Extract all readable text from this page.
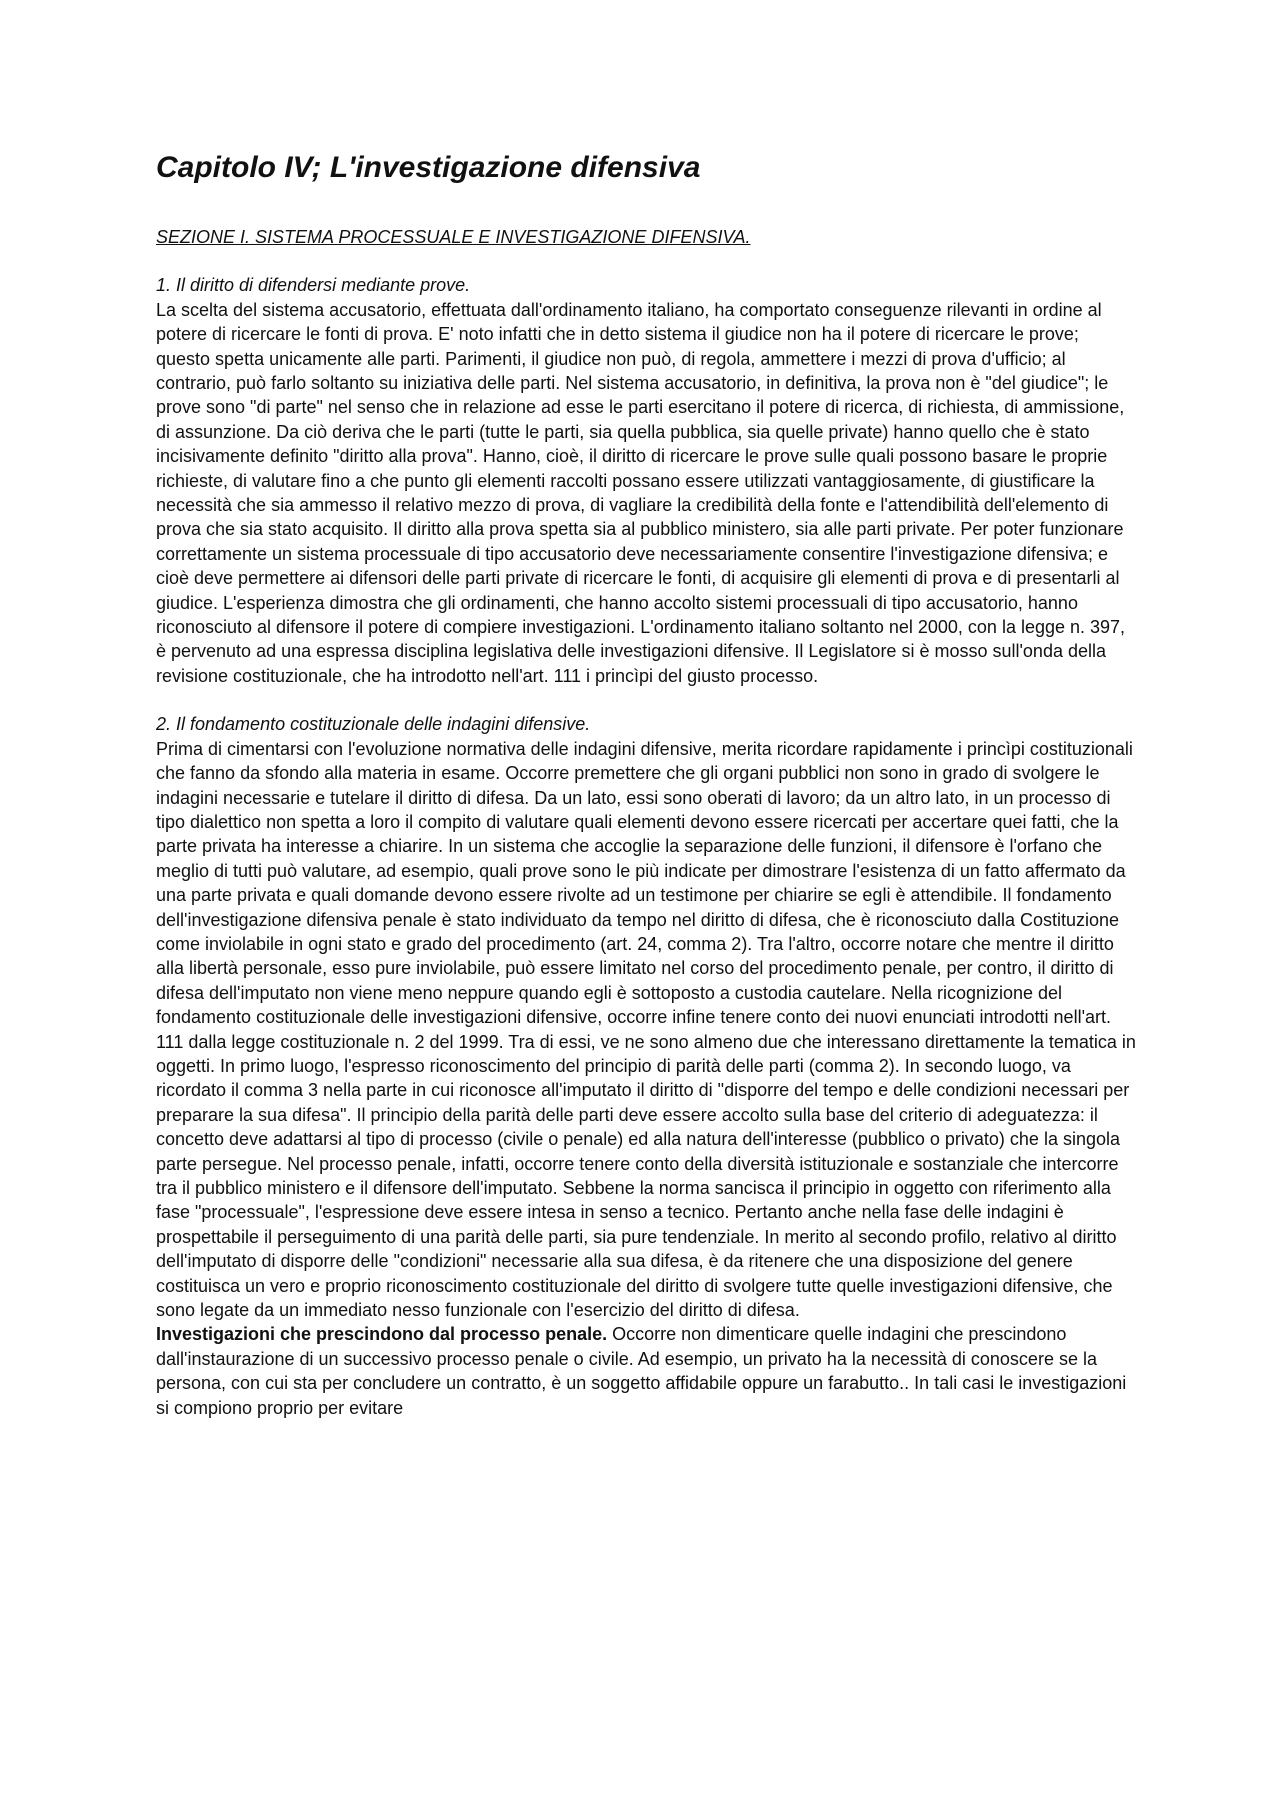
Capitolo IV; L'investigazione difensiva
SEZIONE I. SISTEMA PROCESSUALE E INVESTIGAZIONE DIFENSIVA.

1. Il diritto di difendersi mediante prove.

La scelta del sistema accusatorio, effettuata dall'ordinamento italiano, ha comportato conseguenze rilevanti in ordine al potere di ricercare le fonti di prova. E' noto infatti che in detto sistema il giudice non ha il potere di ricercare le prove; questo spetta unicamente alle parti. Parimenti, il giudice non può, di regola, ammettere i mezzi di prova d'ufficio; al contrario, può farlo soltanto su iniziativa delle parti. Nel sistema accusatorio, in definitiva, la prova non è "del giudice"; le prove sono "di parte" nel senso che in relazione ad esse le parti esercitano il potere di ricerca, di richiesta, di ammissione, di assunzione. Da ciò deriva che le parti (tutte le parti, sia quella pubblica, sia quelle private) hanno quello che è stato incisivamente definito "diritto alla prova". Hanno, cioè, il diritto di ricercare le prove sulle quali possono basare le proprie richieste, di valutare fino a che punto gli elementi raccolti possano essere utilizzati vantaggiosamente, di giustificare la necessità che sia ammesso il relativo mezzo di prova, di vagliare la credibilità della fonte e l'attendibilità dell'elemento di prova che sia stato acquisito. Il diritto alla prova spetta sia al pubblico ministero, sia alle parti private. Per poter funzionare correttamente un sistema processuale di tipo accusatorio deve necessariamente consentire l'investigazione difensiva; e cioè deve permettere ai difensori delle parti private di ricercare le fonti, di acquisire gli elementi di prova e di presentarli al giudice. L'esperienza dimostra che gli ordinamenti, che hanno accolto sistemi processuali di tipo accusatorio, hanno riconosciuto al difensore il potere di compiere investigazioni. L'ordinamento italiano soltanto nel 2000, con la legge n. 397, è pervenuto ad una espressa disciplina legislativa delle investigazioni difensive. Il Legislatore si è mosso sull'onda della revisione costituzionale, che ha introdotto nell'art. 111 i princìpi del giusto processo.

2. Il fondamento costituzionale delle indagini difensive.

Prima di cimentarsi con l'evoluzione normativa delle indagini difensive, merita ricordare rapidamente i princìpi costituzionali che fanno da sfondo alla materia in esame. Occorre premettere che gli organi pubblici non sono in grado di svolgere le indagini necessarie e tutelare il diritto di difesa. Da un lato, essi sono oberati di lavoro; da un altro lato, in un processo di tipo dialettico non spetta a loro il compito di valutare quali elementi devono essere ricercati per accertare quei fatti, che la parte privata ha interesse a chiarire. In un sistema che accoglie la separazione delle funzioni, il difensore è l'orfano che meglio di tutti può valutare, ad esempio, quali prove sono le più indicate per dimostrare l'esistenza di un fatto affermato da una parte privata e quali domande devono essere rivolte ad un testimone per chiarire se egli è attendibile. Il fondamento dell'investigazione difensiva penale è stato individuato da tempo nel diritto di difesa, che è riconosciuto dalla Costituzione come inviolabile in ogni stato e grado del procedimento (art. 24, comma 2). Tra l'altro, occorre notare che mentre il diritto alla libertà personale, esso pure inviolabile, può essere limitato nel corso del procedimento penale, per contro, il diritto di difesa dell'imputato non viene meno neppure quando egli è sottoposto a custodia cautelare. Nella ricognizione del fondamento costituzionale delle investigazioni difensive, occorre infine tenere conto dei nuovi enunciati introdotti nell'art. 111 dalla legge costituzionale n. 2 del 1999. Tra di essi, ve ne sono almeno due che interessano direttamente la tematica in oggetti. In primo luogo, l'espresso riconoscimento del principio di parità delle parti (comma 2). In secondo luogo, va ricordato il comma 3 nella parte in cui riconosce all'imputato il diritto di "disporre del tempo e delle condizioni necessari per preparare la sua difesa". Il principio della parità delle parti deve essere accolto sulla base del criterio di adeguatezza: il concetto deve adattarsi al tipo di processo (civile o penale) ed alla natura dell'interesse (pubblico o privato) che la singola parte persegue. Nel processo penale, infatti, occorre tenere conto della diversità istituzionale e sostanziale che intercorre tra il pubblico ministero e il difensore dell'imputato. Sebbene la norma sancisca il principio in oggetto con riferimento alla fase "processuale", l'espressione deve essere intesa in senso a tecnico. Pertanto anche nella fase delle indagini è prospettabile il perseguimento di una parità delle parti, sia pure tendenziale. In merito al secondo profilo, relativo al diritto dell'imputato di disporre delle "condizioni" necessarie alla sua difesa, è da ritenere che una disposizione del genere costituisca un vero e proprio riconoscimento costituzionale del diritto di svolgere tutte quelle investigazioni difensive, che sono legate da un immediato nesso funzionale con l'esercizio del diritto di difesa.

Investigazioni che prescindono dal processo penale. Occorre non dimenticare quelle indagini che prescindono dall'instaurazione di un successivo processo penale o civile. Ad esempio, un privato ha la necessità di conoscere se la persona, con cui sta per concludere un contratto, è un soggetto affidabile oppure un farabutto.. In tali casi le investigazioni si compiono proprio per evitare
